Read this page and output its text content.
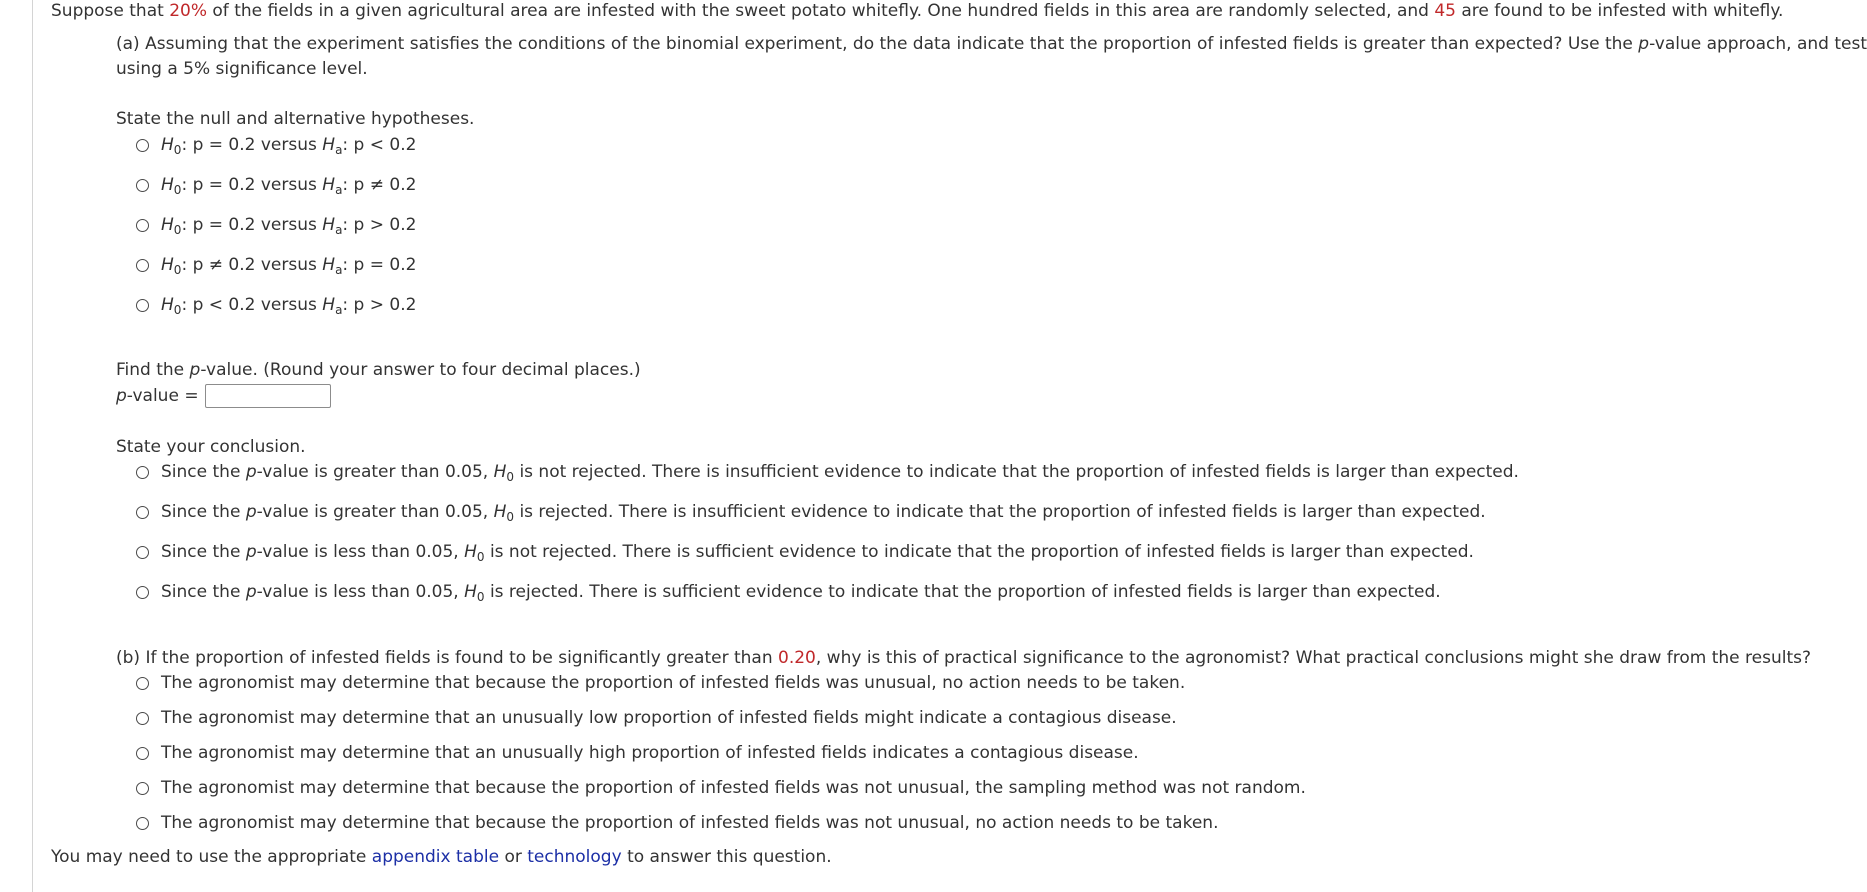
Suppose that 20% of the fields in a given agricultural area are infested with the sweet potato whitefly. One hundred fields in this area are randomly selected, and 45 are found to be infested with whitefly.
(a) Assuming that the experiment satisfies the conditions of the binomial experiment, do the data indicate that the proportion of infested fields is greater than expected? Use the p-value approach, and test
using a 5% significance level.
State the null and alternative hypotheses.
$H_0$: p = 0.2 versus $H_a$: p < 0.2
$H_0$: p = 0.2 versus $H_a$: p ≠ 0.2
$H_0$: p = 0.2 versus $H_a$: p > 0.2
$H_0$: p ≠ 0.2 versus $H_a$: p = 0.2
$H_0$: p < 0.2 versus $H_a$: p > 0.2
Find the p-value. (Round your answer to four decimal places.)
p-value =
State your conclusion.
Since the p-value is greater than 0.05, $H_0$ is not rejected. There is insufficient evidence to indicate that the proportion of infested fields is larger than expected.
Since the p-value is greater than 0.05, $H_0$ is rejected. There is insufficient evidence to indicate that the proportion of infested fields is larger than expected.
Since the p-value is less than 0.05, $H_0$ is not rejected. There is sufficient evidence to indicate that the proportion of infested fields is larger than expected.
Since the p-value is less than 0.05, $H_0$ is rejected. There is sufficient evidence to indicate that the proportion of infested fields is larger than expected.
(b) If the proportion of infested fields is found to be significantly greater than 0.20, why is this of practical significance to the agronomist? What practical conclusions might she draw from the results?
The agronomist may determine that because the proportion of infested fields was unusual, no action needs to be taken.
The agronomist may determine that an unusually low proportion of infested fields might indicate a contagious disease.
The agronomist may determine that an unusually high proportion of infested fields indicates a contagious disease.
The agronomist may determine that because the proportion of infested fields was not unusual, the sampling method was not random.
The agronomist may determine that because the proportion of infested fields was not unusual, no action needs to be taken.
You may need to use the appropriate appendix table or technology to answer this question.
